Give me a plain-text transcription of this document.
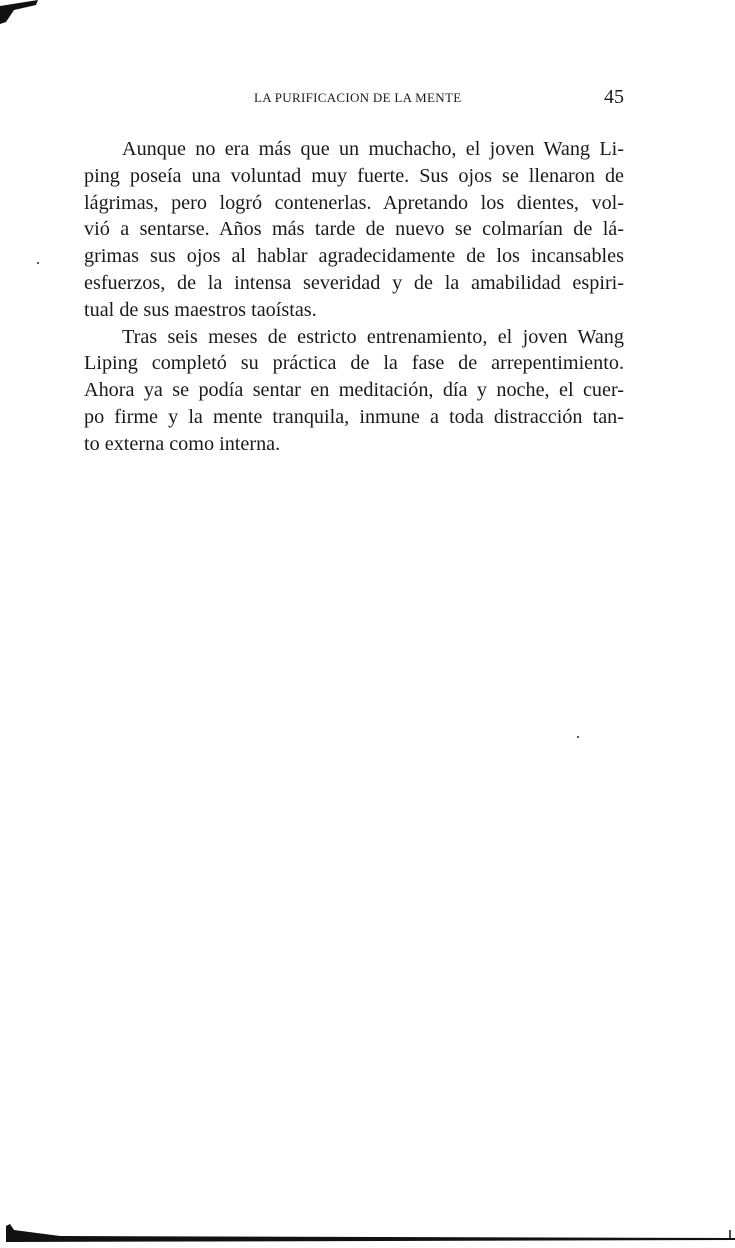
LA PURIFICACION DE LA MENTE	45
Aunque no era más que un muchacho, el joven Wang Li-
ping poseía una voluntad muy fuerte. Sus ojos se llenaron de
lágrimas, pero logró contenerlas. Apretando los dientes, vol-
vió a sentarse. Años más tarde de nuevo se colmarían de lá-
grimas sus ojos al hablar agradecidamente de los incansables
esfuerzos, de la intensa severidad y de la amabilidad espiri-
tual de sus maestros taoístas.
Tras seis meses de estricto entrenamiento, el joven Wang
Liping completó su práctica de la fase de arrepentimiento.
Ahora ya se podía sentar en meditación, día y noche, el cuer-
po firme y la mente tranquila, inmune a toda distracción tan-
to externa como interna.
